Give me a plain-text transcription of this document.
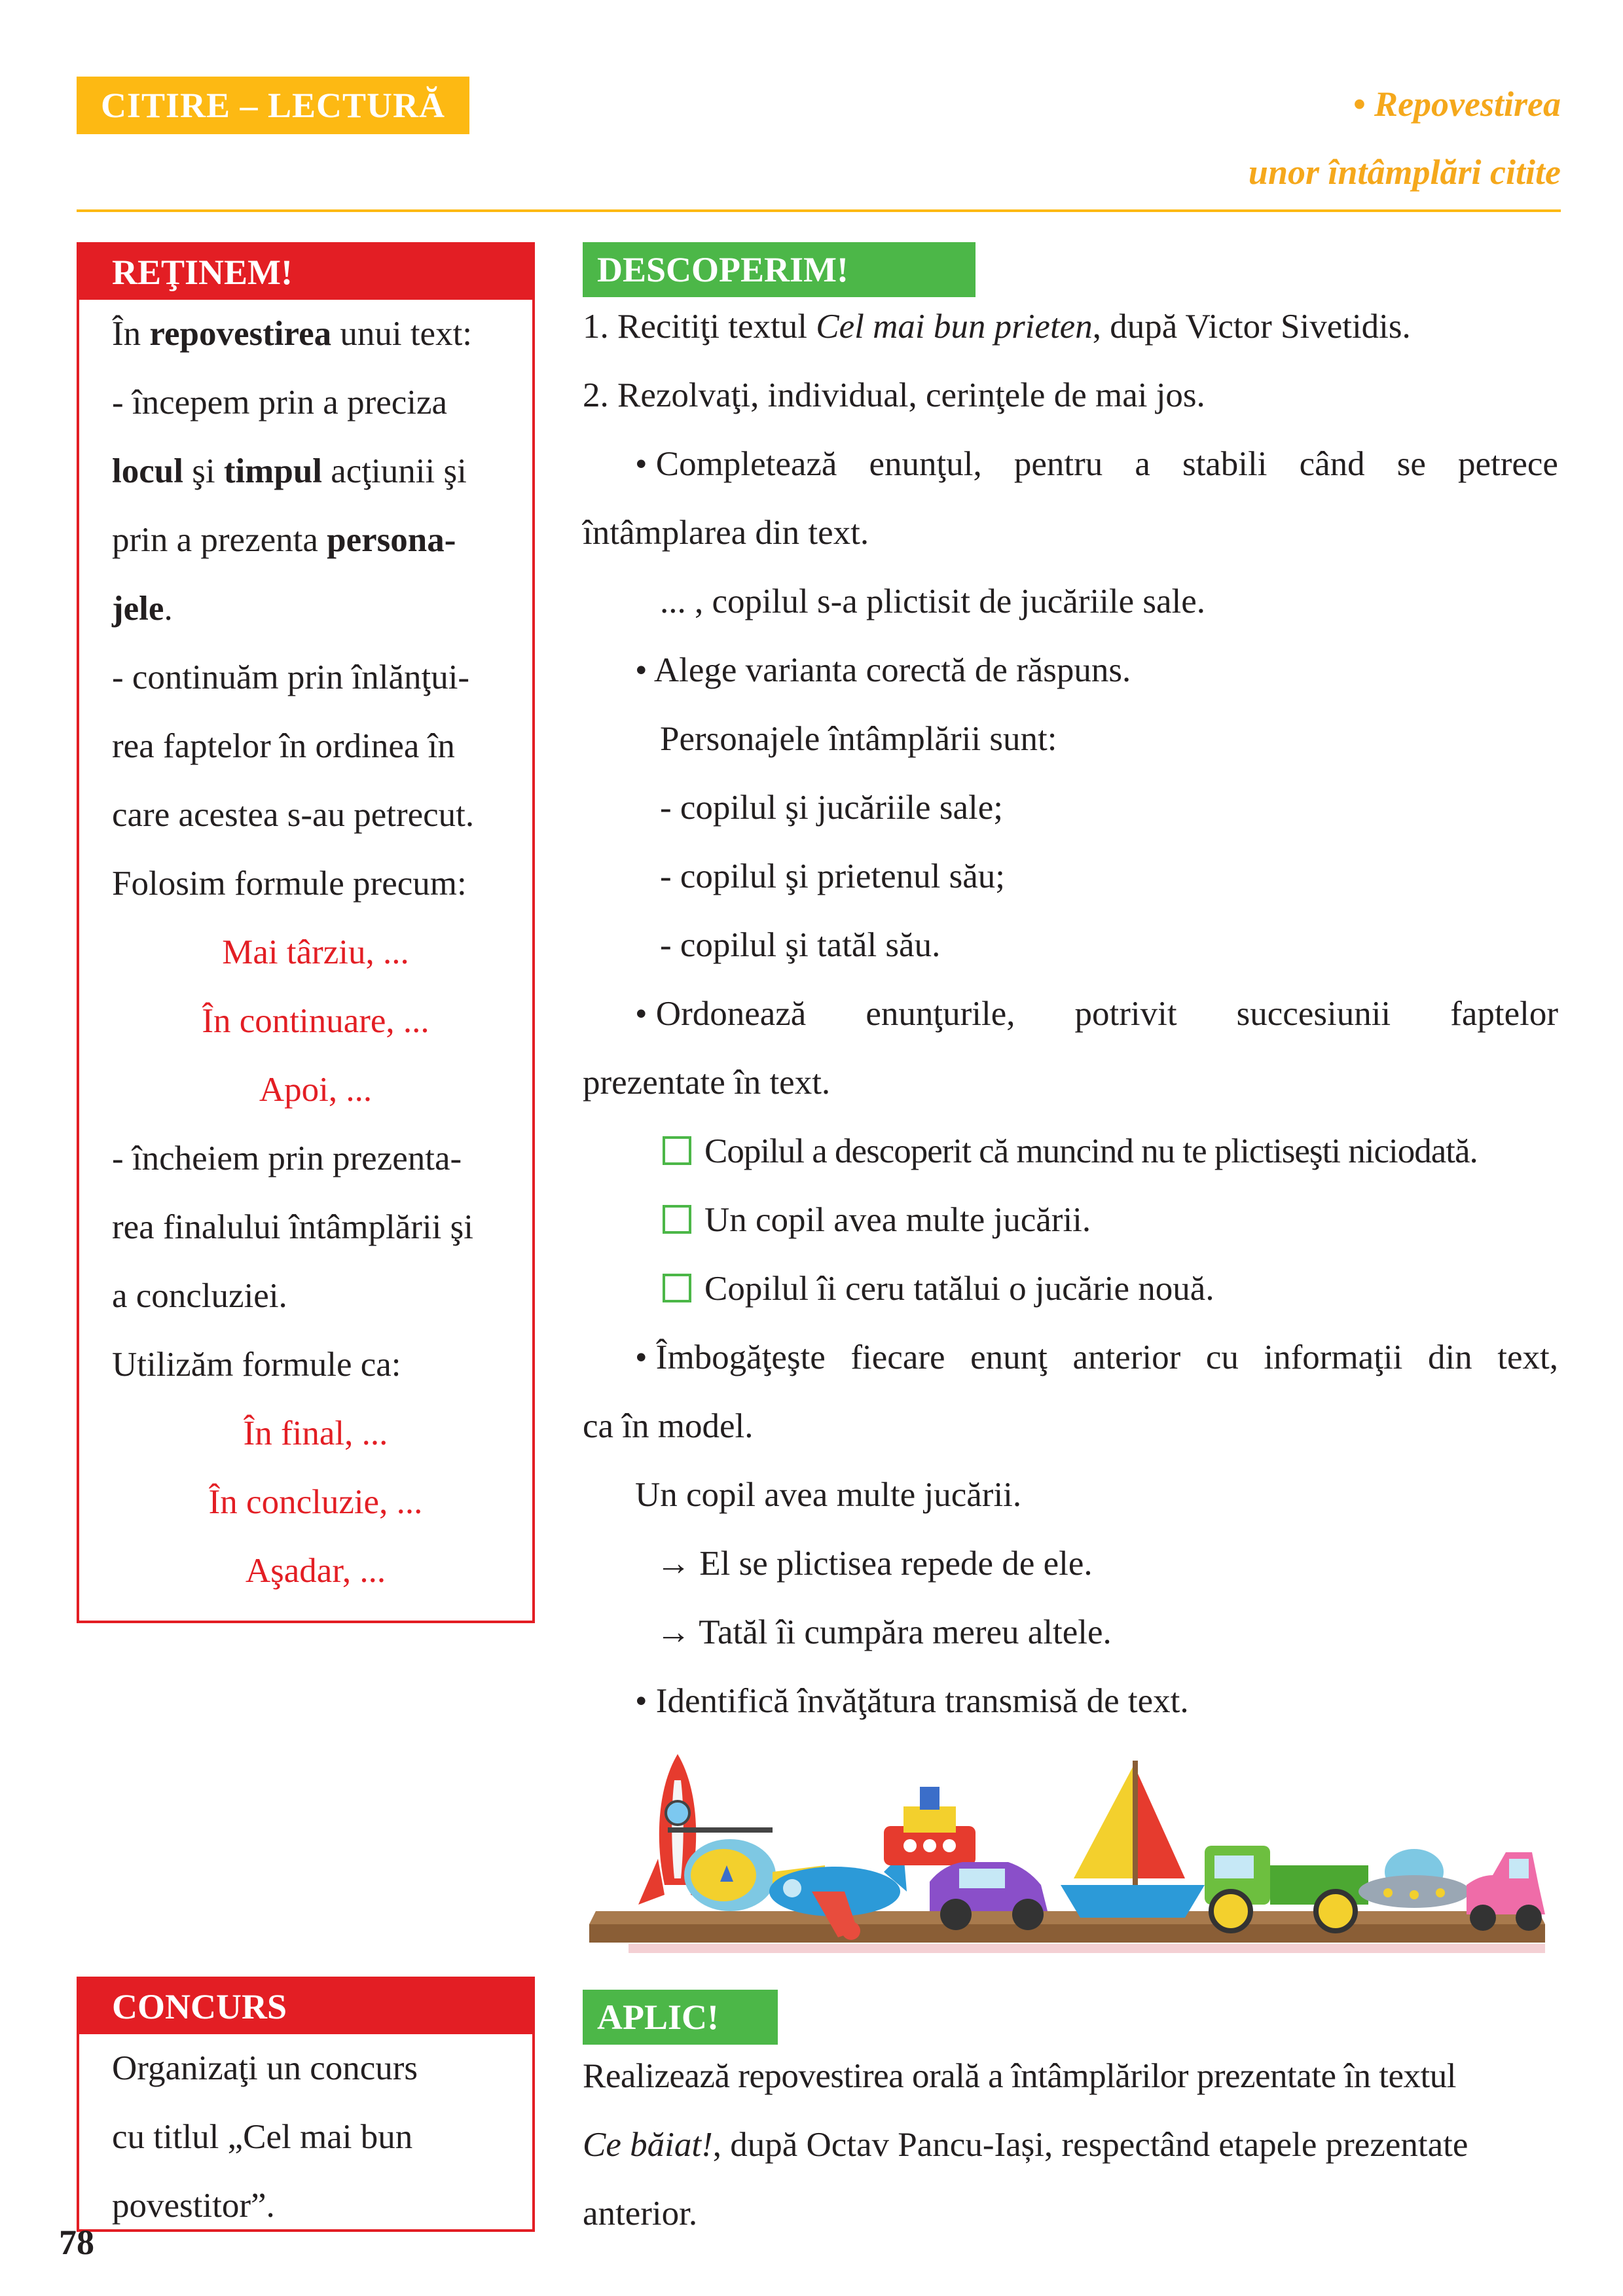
CITIRE – LECTURĂ	• Repovestirea
unor întâmplări citite
REŢINEM!
În repovestirea unui text:
- începem prin a preciza
locul şi timpul acţiunii şi
prin a prezenta persona-
jele.
- continuăm prin înlănţui-
rea faptelor în ordinea în
care acestea s-au petrecut.
Folosim formule precum:
Mai târziu, ...
În continuare, ...
Apoi, ...
- încheiem prin prezenta-
rea finalului întâmplării şi
a concluziei.
Utilizăm formule ca:
În final, ...
În concluzie, ...
Aşadar, ...
CONCURS
Organizaţi un concurs
cu titlul „Cel mai bun
povestitor”.
DESCOPERIM!
1. Recitiţi textul Cel mai bun prieten, după Victor Sivetidis.
2. Rezolvaţi, individual, cerinţele de mai jos.
• Completează enunţul, pentru a stabili când se petrece
întâmplarea din text.
... , copilul s-a plictisit de jucăriile sale.
• Alege varianta corectă de răspuns.
Personajele întâmplării sunt:
- copilul şi jucăriile sale;
- copilul şi prietenul său;
- copilul şi tatăl său.
• Ordonează enunţurile, potrivit succesiunii faptelor
prezentate în text.
Copilul a descoperit că muncind nu te plictiseşti niciodată.
Un copil avea multe jucării.
Copilul îi ceru tatălui o jucărie nouă.
• Îmbogăţeşte fiecare enunţ anterior cu informaţii din text,
ca în model.
Un copil avea multe jucării.
→ El se plictisea repede de ele.
→ Tatăl îi cumpăra mereu altele.
• Identifică învăţătura transmisă de text.
APLIC!
Realizează repovestirea orală a întâmplărilor prezentate în textul
Ce băiat!, după Octav Pancu-Iași, respectând etapele prezentate
anterior.
78
